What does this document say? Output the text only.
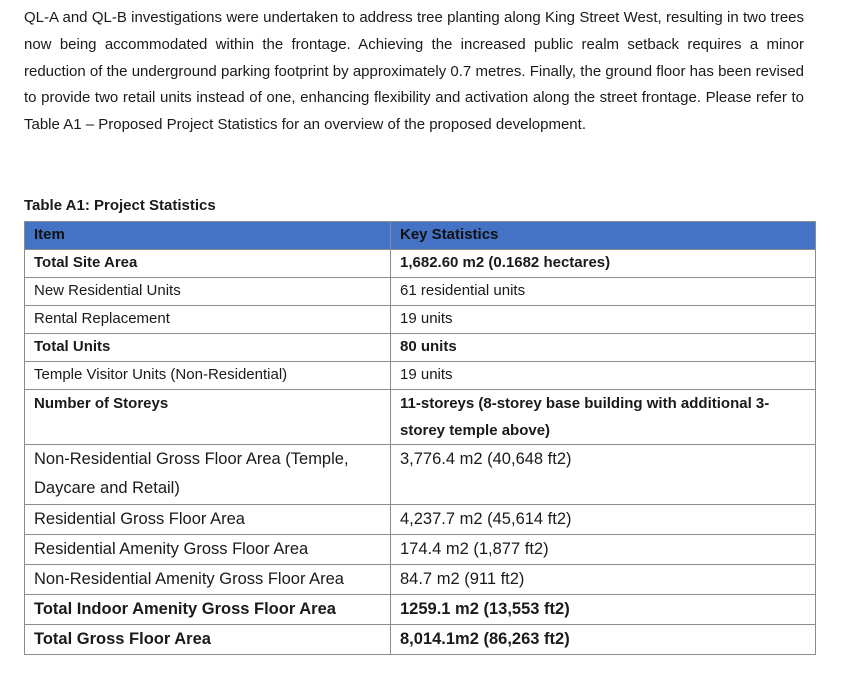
QL-A and QL-B investigations were undertaken to address tree planting along King Street West, resulting in two trees now being accommodated within the frontage. Achieving the increased public realm setback requires a minor reduction of the underground parking footprint by approximately 0.7 metres. Finally, the ground floor has been revised to provide two retail units instead of one, enhancing flexibility and activation along the street frontage. Please refer to Table A1 – Proposed Project Statistics for an overview of the proposed development.

Table A1: Project Statistics

Item	Key Statistics
Total Site Area	1,682.60 m2 (0.1682 hectares)
New Residential Units	61 residential units
Rental Replacement	19 units
Total Units	80 units
Temple Visitor Units (Non-Residential)	19 units
Number of Storeys	11-storeys (8-storey base building with additional 3-storey temple above)
Non-Residential Gross Floor Area (Temple, Daycare and Retail)	3,776.4 m2 (40,648 ft2)
Residential Gross Floor Area	4,237.7 m2 (45,614 ft2)
Residential Amenity Gross Floor Area	174.4 m2 (1,877 ft2)
Non-Residential Amenity Gross Floor Area	84.7 m2 (911 ft2)
Total Indoor Amenity Gross Floor Area	1259.1 m2 (13,553 ft2)
Total Gross Floor Area	8,014.1m2 (86,263 ft2)
